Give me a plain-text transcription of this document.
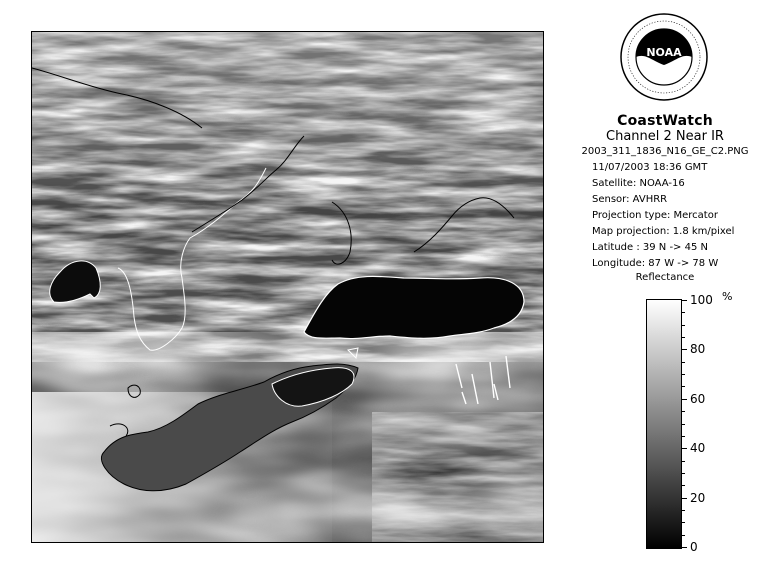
NOAA
CoastWatch
Channel 2 Near IR
2003_311_1836_N16_GE_C2.PNG
11/07/2003 18:36 GMT
Satellite: NOAA-16
Sensor: AVHRR
Projection type: Mercator
Map projection: 1.8 km/pixel
Latitude : 39 N -> 45 N
Longitude: 87 W -> 78 W
Reflectance
%
100
80
60
40
20
0
